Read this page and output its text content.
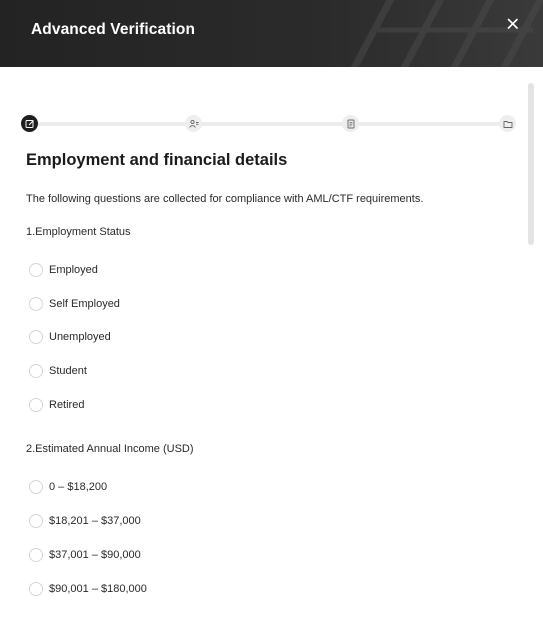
Advanced Verification
Employment and financial details
The following questions are collected for compliance with AML/CTF requirements.
1.Employment Status
Employed
Self Employed
Unemployed
Student
Retired
2.Estimated Annual Income (USD)
0 – $18,200
$18,201 – $37,000
$37,001 – $90,000
$90,001 – $180,000
